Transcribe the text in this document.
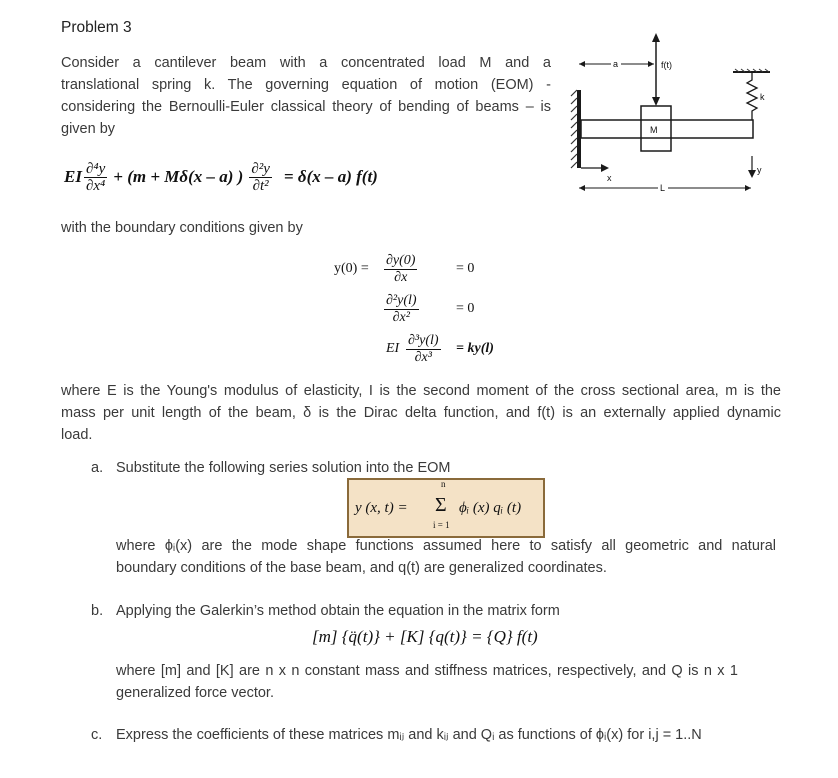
Problem 3
Consider a cantilever beam with a concentrated load M and a
translational spring k. The governing equation of motion (EOM) -
considering the Bernoulli-Euler classical theory of bending of beams – is
given by	M
f(t)
a
k
x
y
L
EI $\frac{\text{∂⁴y}}{\text{∂x⁴}} + (m + M\delta(x - a)$ ) $\frac{\text{∂²y}}{\text{∂t²}} = \delta(x - a)$ f(t)
with the boundary conditions given by
$y(0) = \frac{\partial y(0)}{\partial x}$	= 0
$\frac{\text{∂²y(l)}}{\text{∂x²}}$	= 0
EI $\frac{\text{∂³y(l)}}{\text{∂x³}} = ky(l)$
where E is the Young's modulus of elasticity, I is the second moment of the cross sectional area, m is the
mass per unit length of the beam, δ is the Dirac delta function, and f(t) is an externally applied dynamic
load.
a. Substitute the following series solution into the EOM
y (x, t) =
n
Σ
i = 1
ϕᵢ (x) qᵢ (t)
where ϕᵢ(x) are the mode shape functions assumed here to satisfy all geometric and natural
boundary conditions of the base beam, and q(t) are generalized coordinates.
b. Applying the Galerkin’s method obtain the equation in the matrix form
[m] {q̈(t)} + [K] {q(t)} = {Q} f(t)
where [m] and [K] are n x n constant mass and stiffness matrices, respectively, and Q is n x 1
generalized force vector.
c. Express the coefficients of these matrices mᵢⱼ and kᵢⱼ and Qᵢ as functions of ϕᵢ(x) for i,j = 1..N
